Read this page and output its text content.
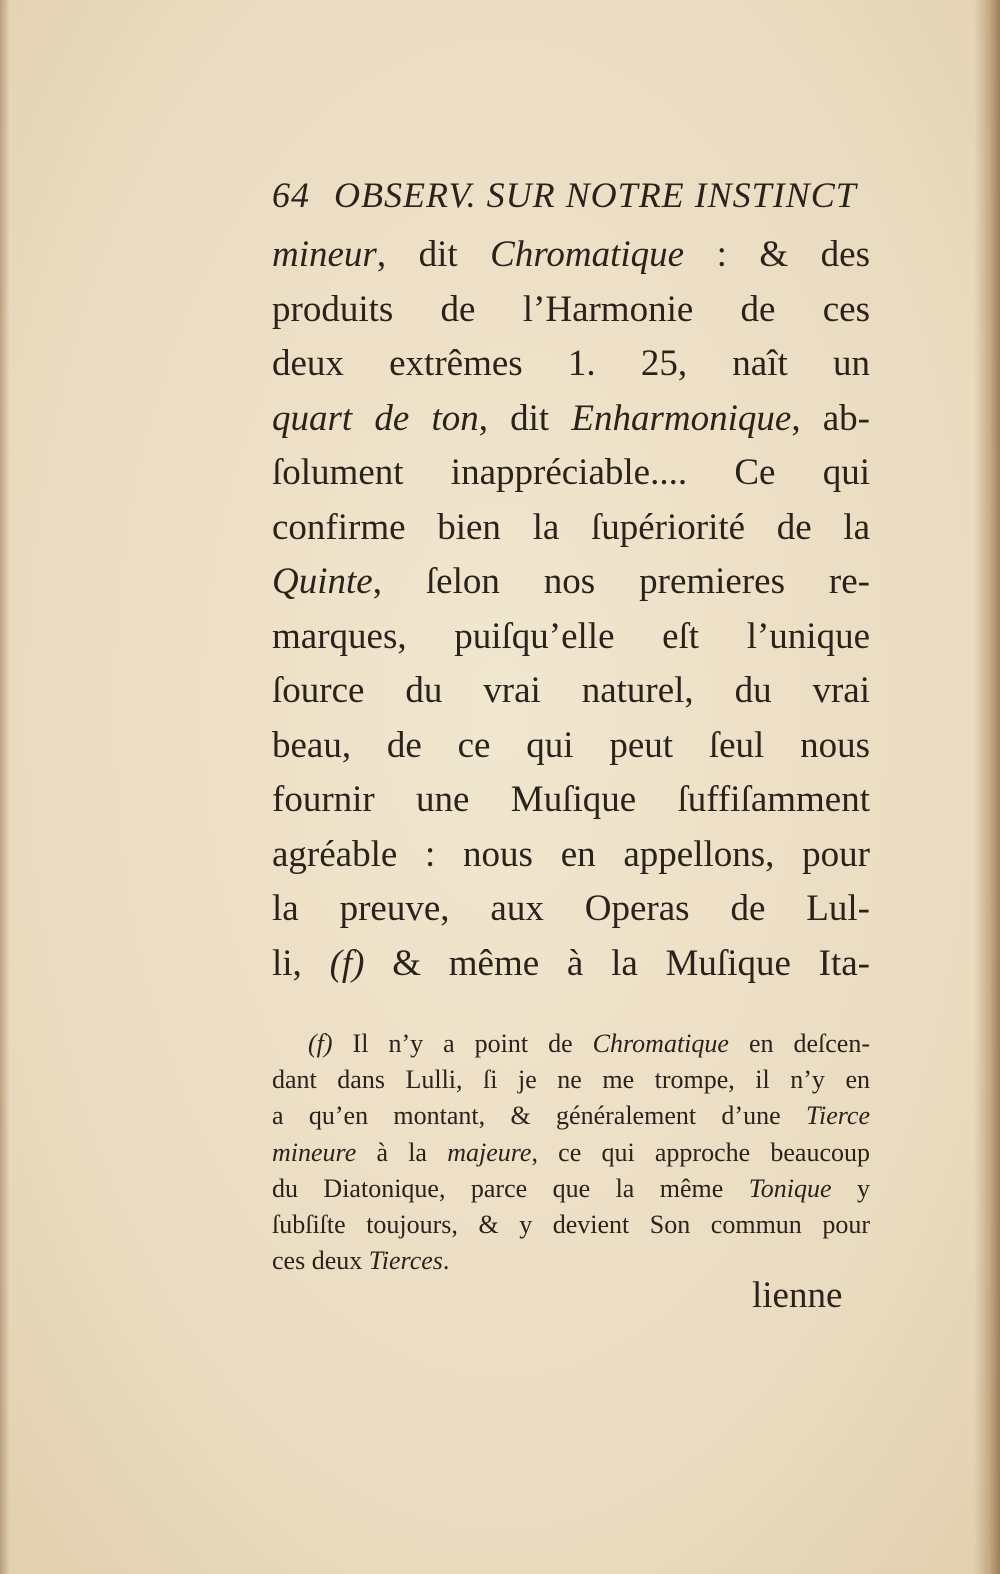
64 OBSERV. SUR NOTRE INSTINCT
mineur, dit Chromatique : & des
produits de l’Harmonie de ces
deux extrêmes 1. 25, naît un
quart de ton, dit Enharmonique, ab-
ſolument inappréciable.... Ce qui
confirme bien la ſupériorité de la
Quinte, ſelon nos premieres re-
marques, puiſqu’elle eſt l’unique
ſource du vrai naturel, du vrai
beau, de ce qui peut ſeul nous
fournir une Muſique ſuffiſamment
agréable : nous en appellons, pour
la preuve, aux Operas de Lul-
li, (f) & même à la Muſique Ita-
(f) Il n’y a point de Chromatique en deſcen-
dant dans Lulli, ſi je ne me trompe, il n’y en
a qu’en montant, & généralement d’une Tierce
mineure à la majeure, ce qui approche beaucoup
du Diatonique, parce que la même Tonique y
ſubſiſte toujours, & y devient Son commun pour
ces deux Tierces.
lienne
